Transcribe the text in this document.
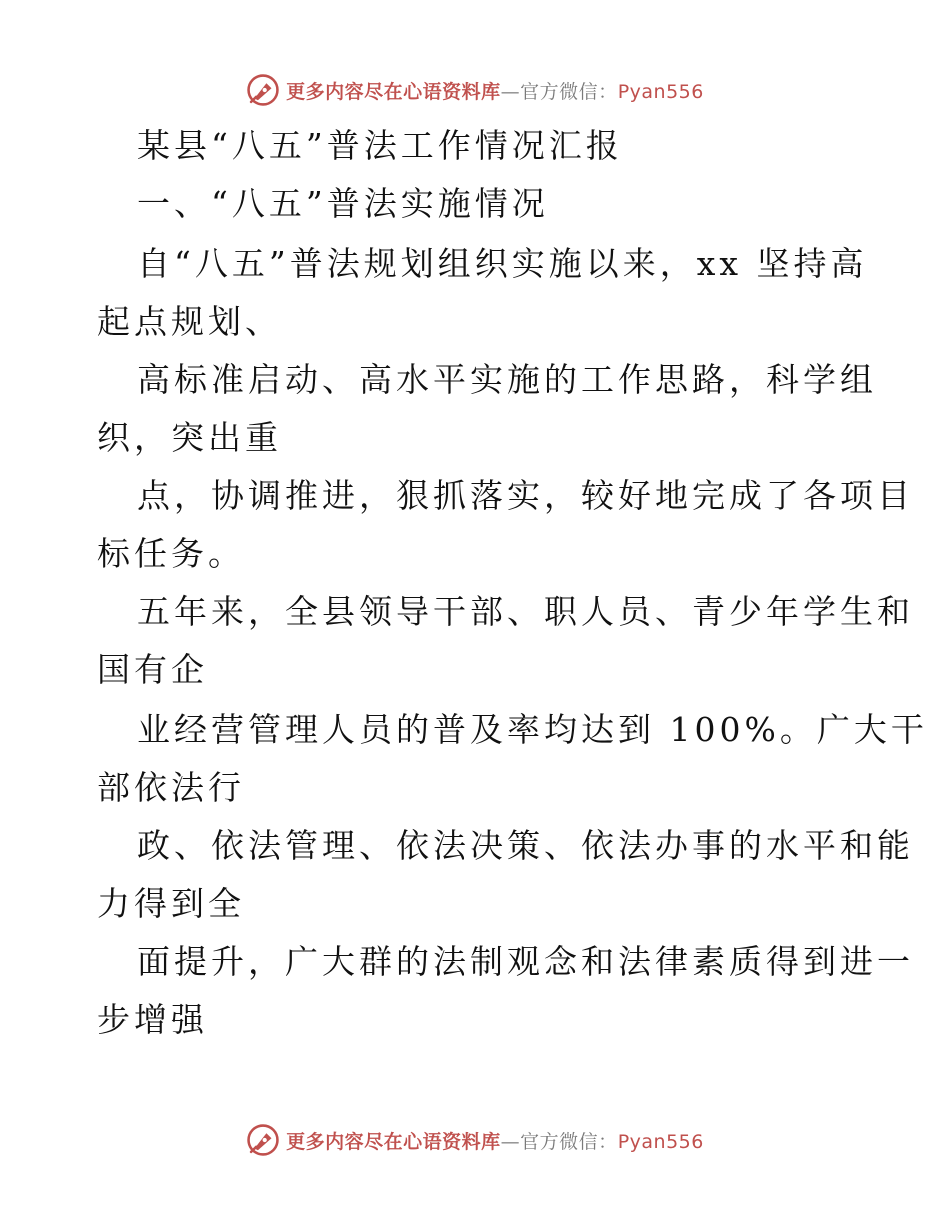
更多内容尽在心语资料库—官方微信：Pyan556
某县“八五”普法工作情况汇报
一、“八五”普法实施情况
自“八五”普法规划组织实施以来，xx 坚持高
起点规划、
高标准启动、高水平实施的工作思路，科学组
织，突出重
点，协调推进，狠抓落实，较好地完成了各项目
标任务。
五年来，全县领导干部、职人员、青少年学生和
国有企
业经营管理人员的普及率均达到 100%。广大干
部依法行
政、依法管理、依法决策、依法办事的水平和能
力得到全
面提升，广大群的法制观念和法律素质得到进一
步增强
更多内容尽在心语资料库—官方微信：Pyan556
